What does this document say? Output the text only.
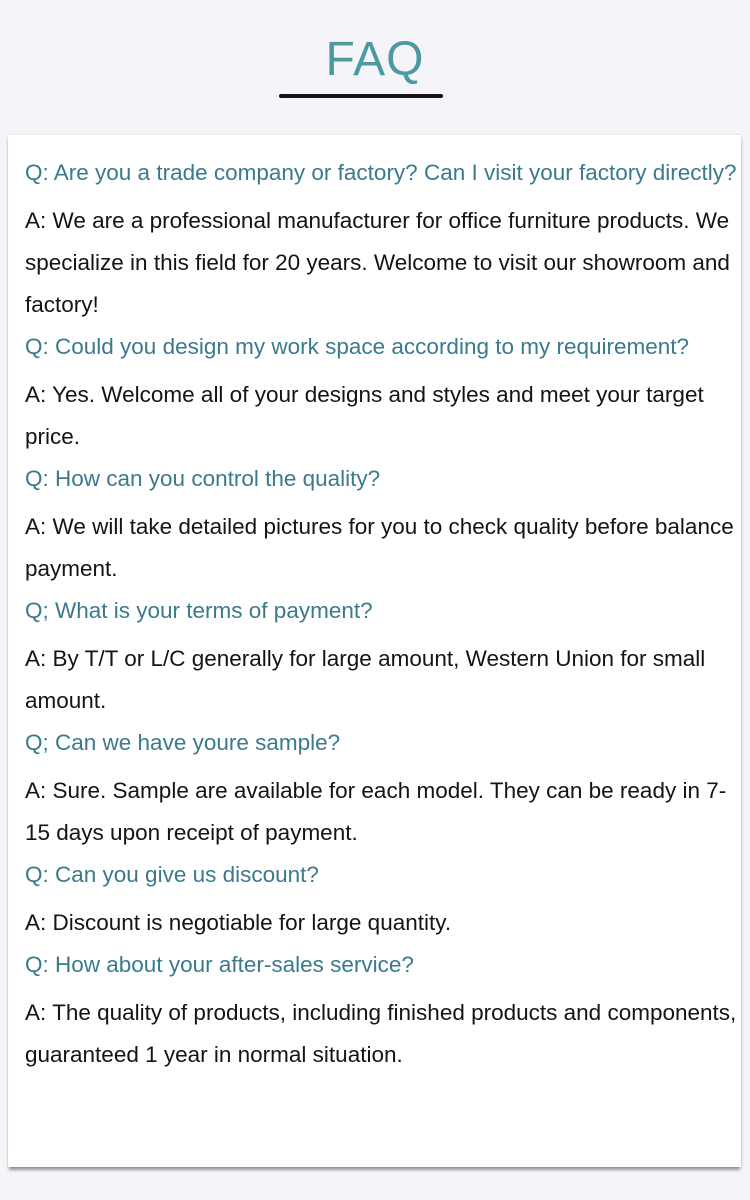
FAQ

Q: Are you a trade company or factory? Can I visit your factory directly?

A: We are a professional manufacturer for office furniture products. We specialize in this field for 20 years. Welcome to visit our showroom and factory!

Q: Could you design my work space according to my requirement?

A: Yes. Welcome all of your designs and styles and meet your target price.

Q: How can you control the quality?

A: We will take detailed pictures for you to check quality before balance payment.

Q; What is your terms of payment?

A: By T/T or L/C generally for large amount, Western Union for small amount.

Q; Can we have youre sample?

A: Sure. Sample are available for each model. They can be ready in 7-15 days upon receipt of payment.

Q: Can you give us discount?

A: Discount is negotiable for large quantity.

Q: How about your after-sales service?

A: The quality of products, including finished products and components, guaranteed 1 year in normal situation.
